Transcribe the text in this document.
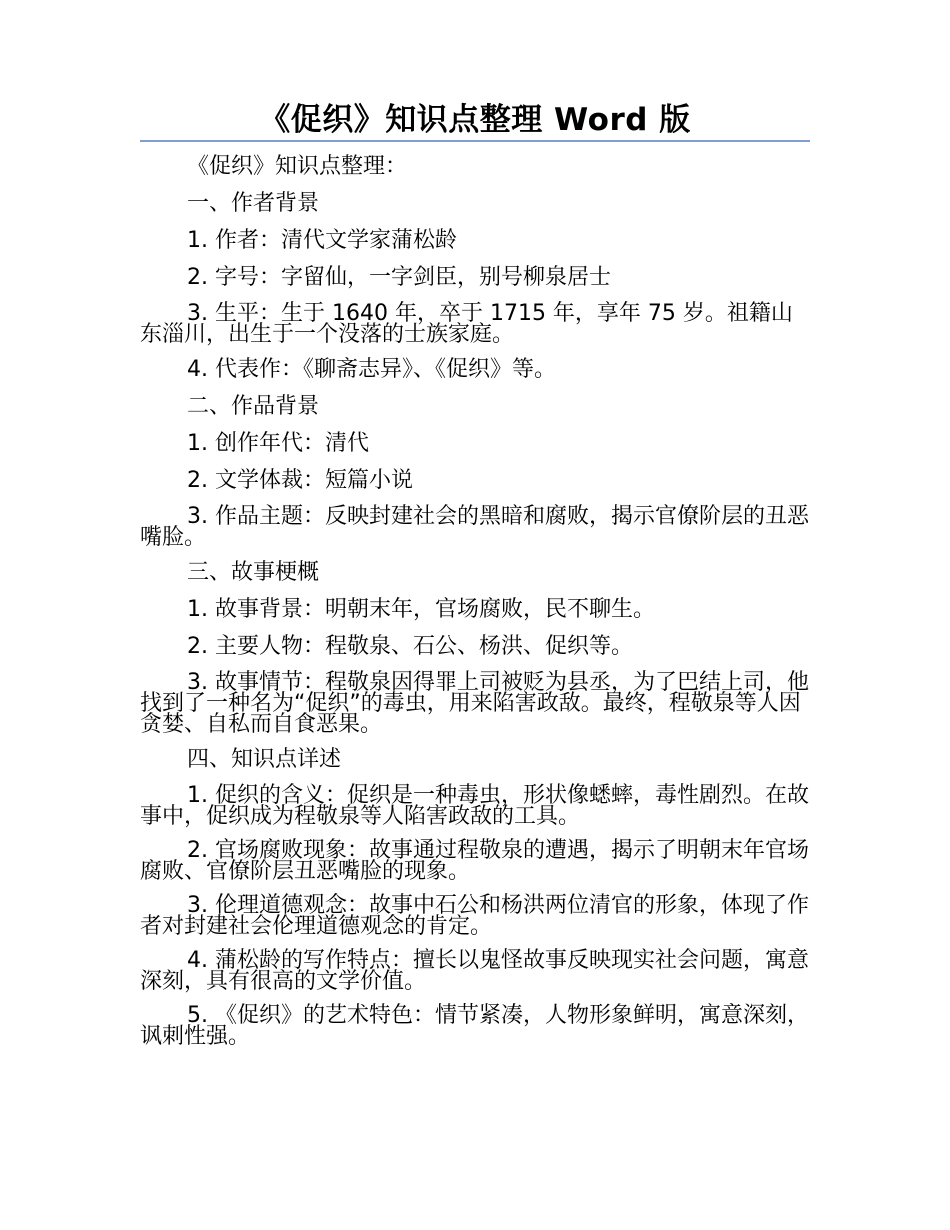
《促织》知识点整理 Word 版
《促织》知识点整理：
一、作者背景
1. 作者：清代文学家蒲松龄
2. 字号：字留仙，一字剑臣，别号柳泉居士
3. 生平：生于 1640 年，卒于 1715 年，享年 75 岁。祖籍山东淄川，出生于一个没落的士族家庭。
4. 代表作：《聊斋志异》、《促织》等。
二、作品背景
1. 创作年代：清代
2. 文学体裁：短篇小说
3. 作品主题：反映封建社会的黑暗和腐败，揭示官僚阶层的丑恶嘴脸。
三、故事梗概
1. 故事背景：明朝末年，官场腐败，民不聊生。
2. 主要人物：程敬泉、石公、杨洪、促织等。
3. 故事情节：程敬泉因得罪上司被贬为县丞，为了巴结上司，他找到了一种名为“促织”的毒虫，用来陷害政敌。最终，程敬泉等人因贪婪、自私而自食恶果。
四、知识点详述
1. 促织的含义：促织是一种毒虫，形状像蟋蟀，毒性剧烈。在故事中，促织成为程敬泉等人陷害政敌的工具。
2. 官场腐败现象：故事通过程敬泉的遭遇，揭示了明朝末年官场腐败、官僚阶层丑恶嘴脸的现象。
3. 伦理道德观念：故事中石公和杨洪两位清官的形象，体现了作者对封建社会伦理道德观念的肯定。
4. 蒲松龄的写作特点：擅长以鬼怪故事反映现实社会问题，寓意深刻，具有很高的文学价值。
5. 《促织》的艺术特色：情节紧凑，人物形象鲜明，寓意深刻，讽刺性强。
